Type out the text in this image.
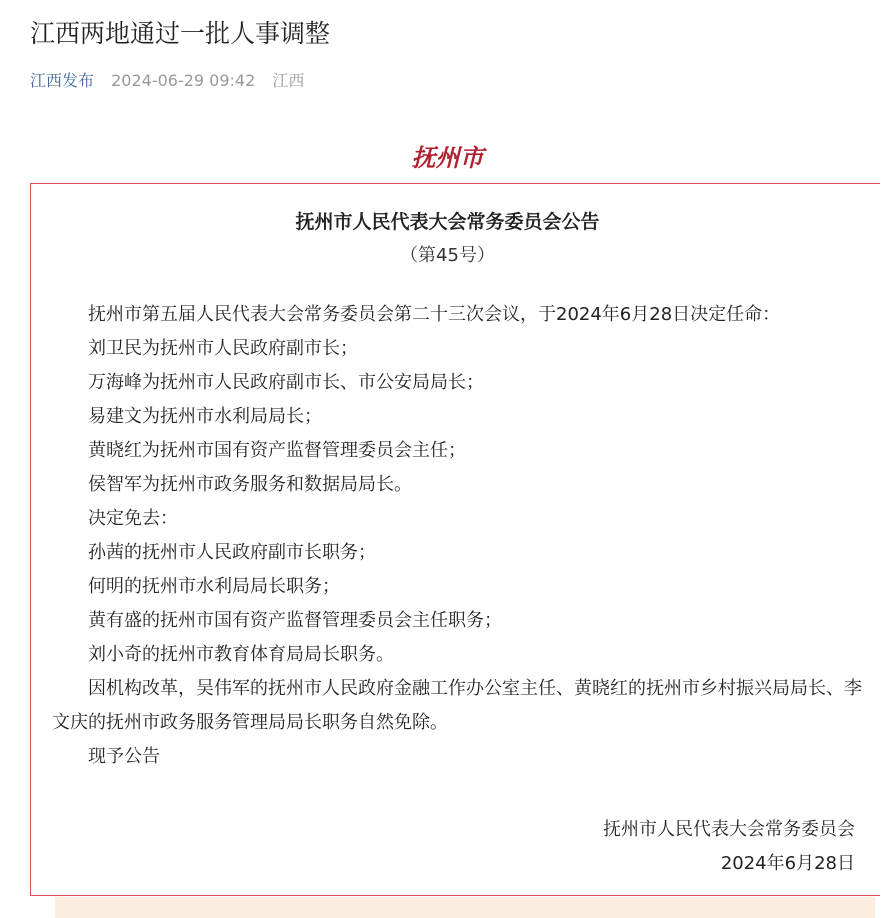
江西两地通过一批人事调整
江西发布 2024-06-29 09:42 江西
抚州市
抚州市人民代表大会常务委员会公告
（第45号）

抚州市第五届人民代表大会常务委员会第二十三次会议，于2024年6月28日决定任命：

刘卫民为抚州市人民政府副市长；

万海峰为抚州市人民政府副市长、市公安局局长；

易建文为抚州市水利局局长；

黄晓红为抚州市国有资产监督管理委员会主任；

侯智军为抚州市政务服务和数据局局长。

决定免去：

孙茜的抚州市人民政府副市长职务；

何明的抚州市水利局局长职务；

黄有盛的抚州市国有资产监督管理委员会主任职务；

刘小奇的抚州市教育体育局局长职务。

因机构改革，吴伟军的抚州市人民政府金融工作办公室主任、黄晓红的抚州市乡村振兴局局长、李文庆的抚州市政务服务管理局局长职务自然免除。

现予公告

抚州市人民代表大会常务委员会
2024年6月28日
